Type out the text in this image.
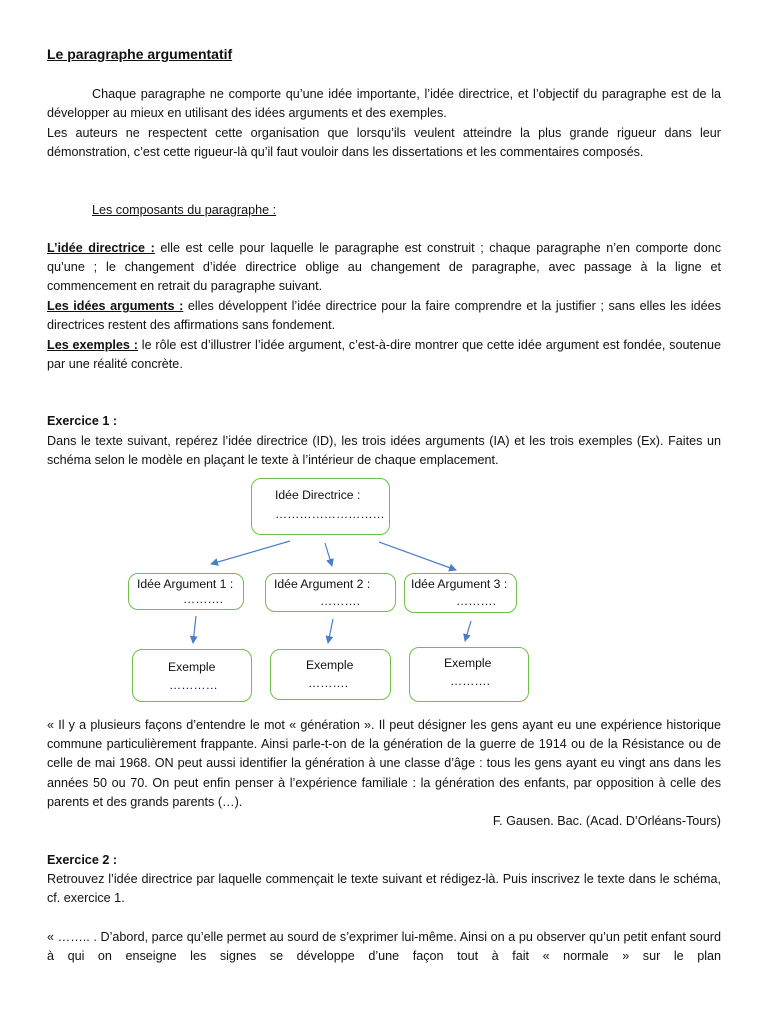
Le paragraphe argumentatif
Chaque paragraphe ne comporte qu’une idée importante, l’idée directrice, et l’objectif du paragraphe est de la développer au mieux en utilisant des idées arguments et des exemples.
Les auteurs ne respectent cette organisation que lorsqu’ils veulent atteindre la plus grande rigueur dans leur démonstration, c’est cette rigueur-là qu’il faut vouloir dans les dissertations et les commentaires composés.
Les composants du paragraphe :
L’idée directrice : elle est celle pour laquelle le paragraphe est construit ; chaque paragraphe n’en comporte donc qu’une ; le changement d’idée directrice oblige au changement de paragraphe, avec passage à la ligne et commencement en retrait du paragraphe suivant.
Les idées arguments : elles développent l’idée directrice pour la faire comprendre et la justifier ; sans elles les idées directrices restent des affirmations sans fondement.
Les exemples : le rôle est d’illustrer l’idée argument, c’est-à-dire montrer que cette idée argument est fondée, soutenue par une réalité concrète.
Exercice 1 :
Dans le texte suivant, repérez l’idée directrice (ID), les trois idées arguments (IA) et les trois exemples (Ex). Faites un schéma selon le modèle en plaçant le texte à l’intérieur de chaque emplacement.
« Il y a plusieurs façons d’entendre le mot « génération ». Il peut désigner les gens ayant eu une expérience historique commune particulièrement frappante. Ainsi parle-t-on de la génération de la guerre de 1914 ou de la Résistance ou de celle de mai 1968. ON peut aussi identifier la génération à une classe d’âge : tous les gens ayant eu vingt ans dans les années 50 ou 70. On peut enfin penser à l’expérience familiale : la génération des enfants, par opposition à celle des parents et des grands parents (…).
F. Gausen. Bac. (Acad. D’Orléans-Tours)
Exercice 2 :
Retrouvez l’idée directrice par laquelle commençait le texte suivant et rédigez-là. Puis inscrivez le texte dans le schéma, cf. exercice 1.
« …….. . D’abord, parce qu’elle permet au sourd de s’exprimer lui-même. Ainsi on a pu observer qu’un petit enfant sourd à qui on enseigne les signes se développe d’une façon tout à fait « normale » sur le plan
Idée Directrice :
………………………
Idée Argument 1 :
……….
Idée Argument 2 :
……….
Idée Argument 3 :
……….
Exemple
…………
Exemple
……….
Exemple
……….
